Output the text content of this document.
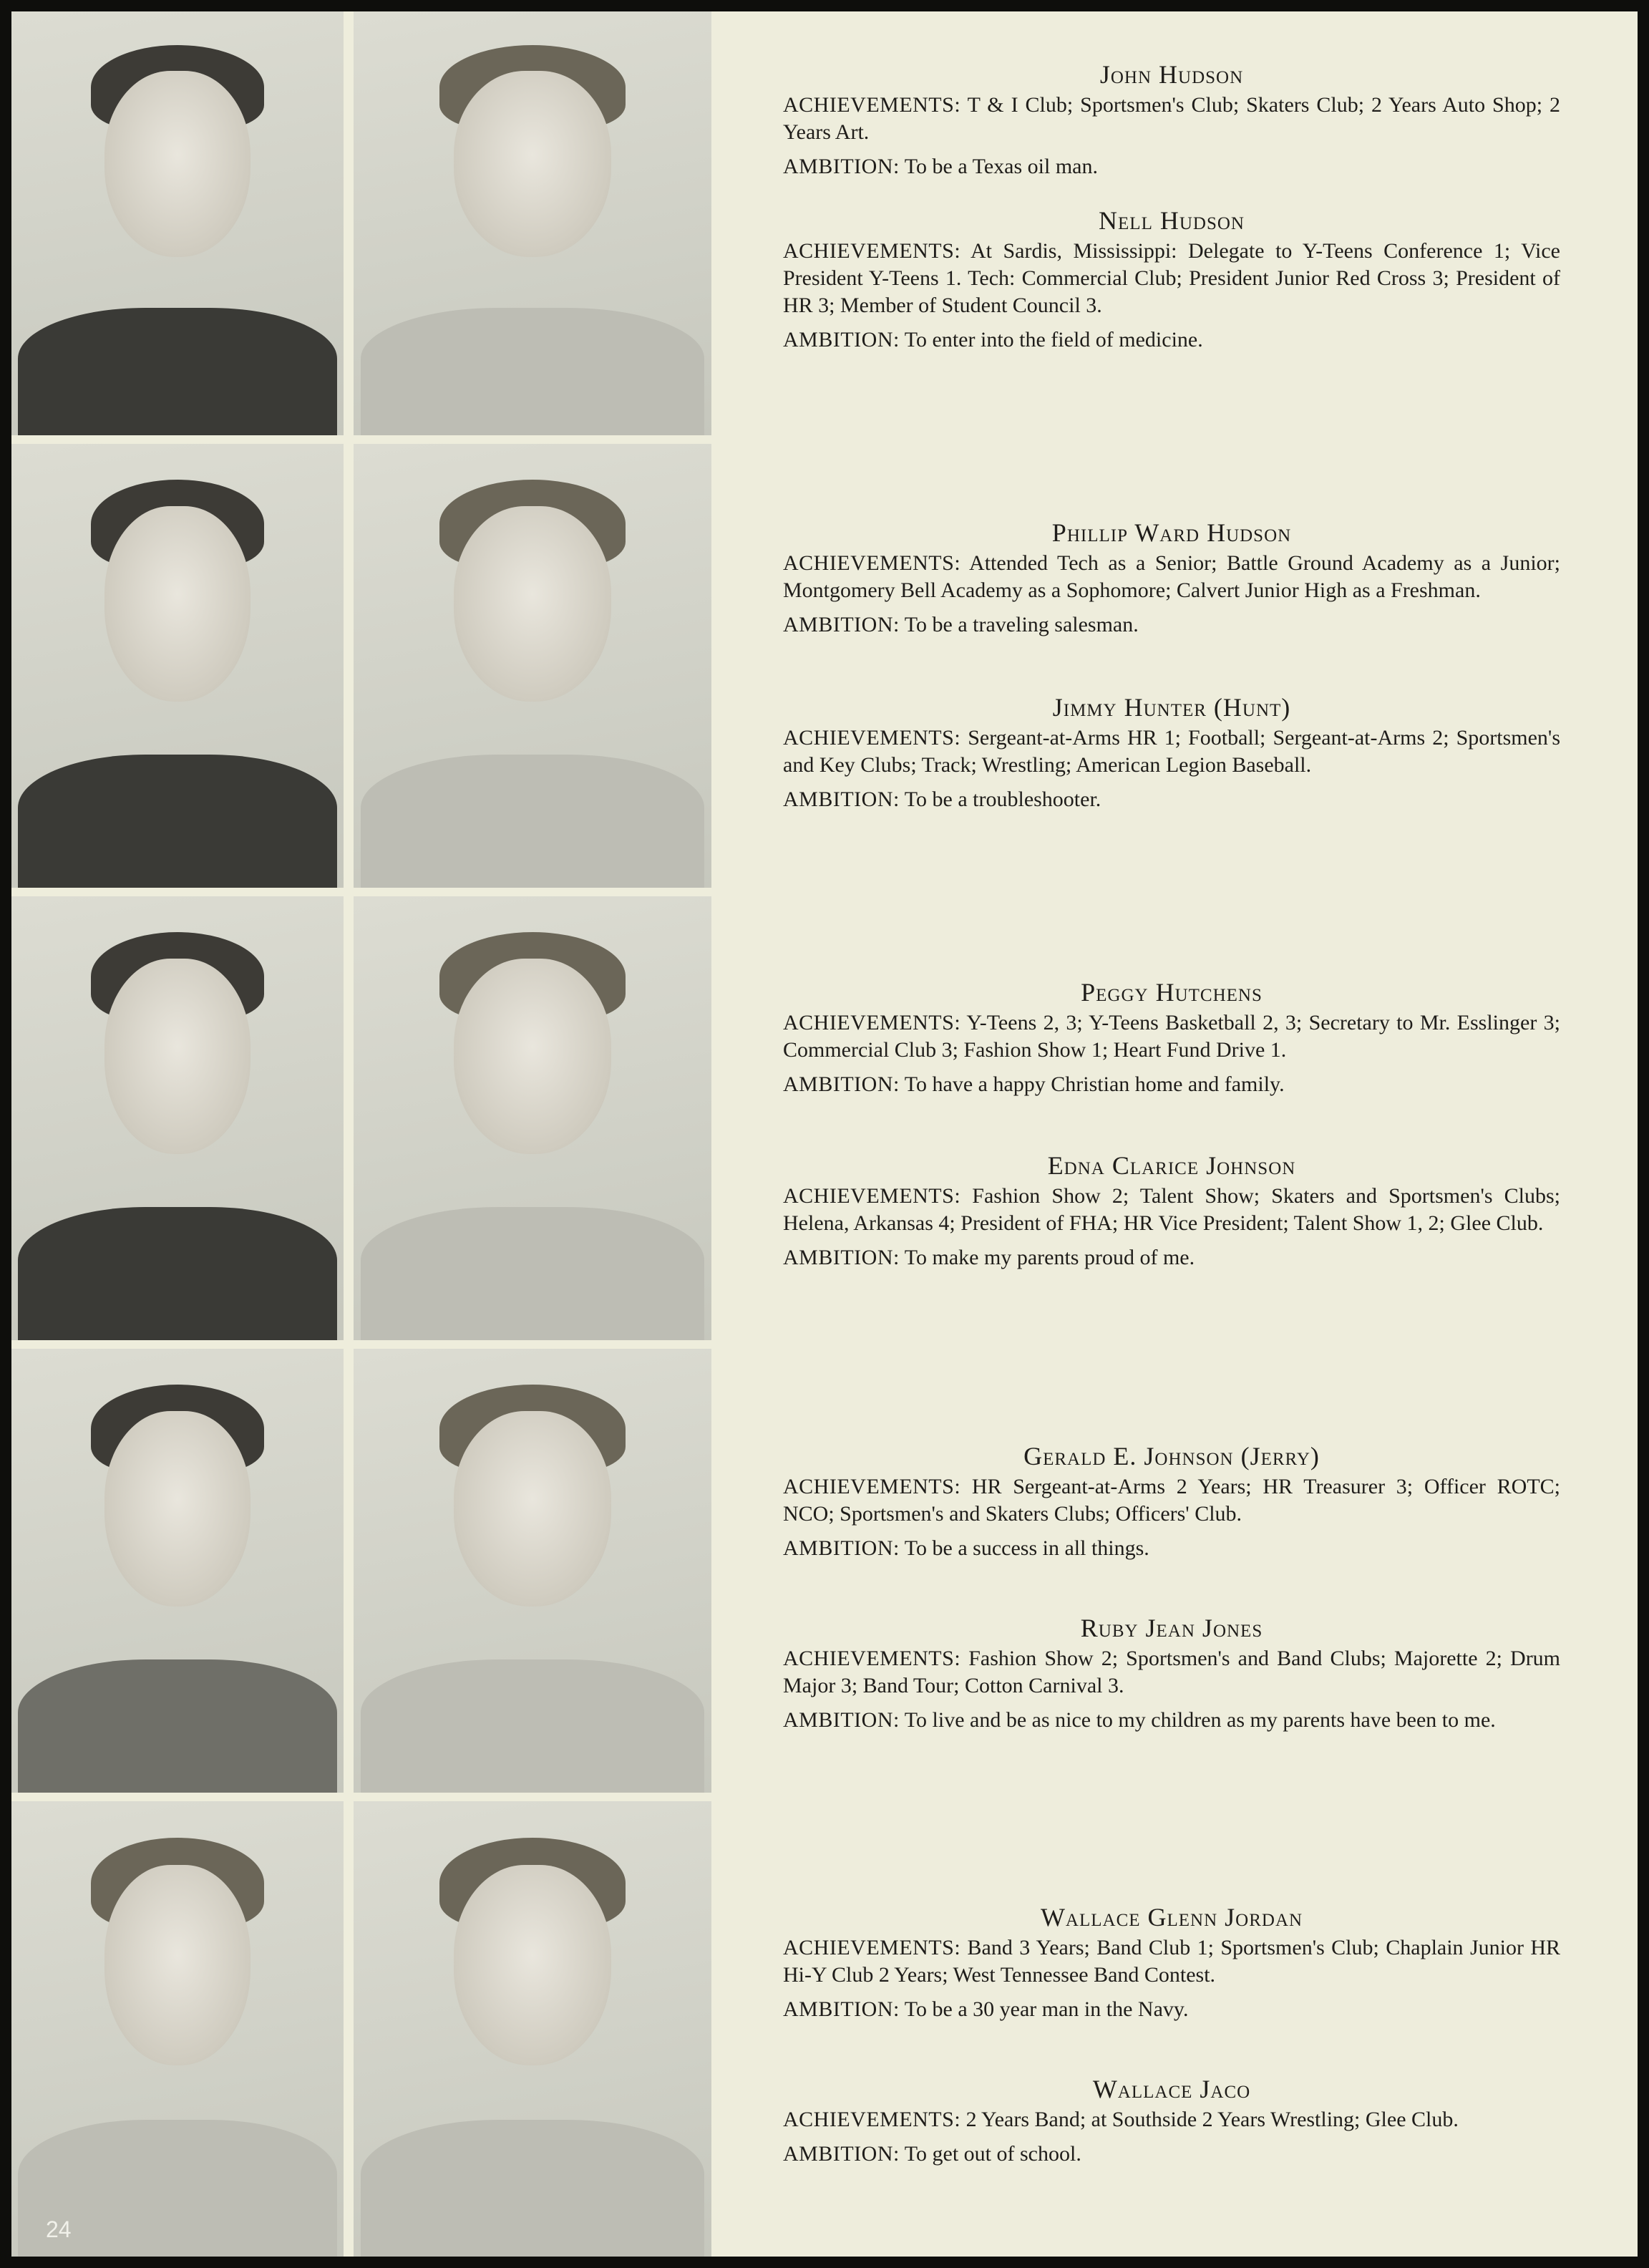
John Hudson

ACHIEVEMENTS: T & I Club; Sportsmen's Club; Skaters Club; 2 Years Auto Shop; 2 Years Art.

AMBITION: To be a Texas oil man.

Nell Hudson

ACHIEVEMENTS: At Sardis, Mississippi: Delegate to Y-Teens Conference 1; Vice President Y-Teens 1. Tech: Commercial Club; President Junior Red Cross 3; President of HR 3; Member of Student Council 3.

AMBITION: To enter into the field of medicine.

Phillip Ward Hudson

ACHIEVEMENTS: Attended Tech as a Senior; Battle Ground Academy as a Junior; Montgomery Bell Academy as a Sophomore; Calvert Junior High as a Freshman.

AMBITION: To be a traveling salesman.

Jimmy Hunter (Hunt)

ACHIEVEMENTS: Sergeant-at-Arms HR 1; Football; Sergeant-at-Arms 2; Sportsmen's and Key Clubs; Track; Wrestling; American Legion Baseball.

AMBITION: To be a troubleshooter.

Peggy Hutchens

ACHIEVEMENTS: Y-Teens 2, 3; Y-Teens Basketball 2, 3; Secretary to Mr. Esslinger 3; Commercial Club 3; Fashion Show 1; Heart Fund Drive 1.

AMBITION: To have a happy Christian home and family.

Edna Clarice Johnson

ACHIEVEMENTS: Fashion Show 2; Talent Show; Skaters and Sportsmen's Clubs; Helena, Arkansas 4; President of FHA; HR Vice President; Talent Show 1, 2; Glee Club.

AMBITION: To make my parents proud of me.

Gerald E. Johnson (Jerry)

ACHIEVEMENTS: HR Sergeant-at-Arms 2 Years; HR Treasurer 3; Officer ROTC; NCO; Sportsmen's and Skaters Clubs; Officers' Club.

AMBITION: To be a success in all things.

Ruby Jean Jones

ACHIEVEMENTS: Fashion Show 2; Sportsmen's and Band Clubs; Majorette 2; Drum Major 3; Band Tour; Cotton Carnival 3.

AMBITION: To live and be as nice to my children as my parents have been to me.

Wallace Glenn Jordan

ACHIEVEMENTS: Band 3 Years; Band Club 1; Sportsmen's Club; Chaplain Junior HR Hi-Y Club 2 Years; West Tennessee Band Contest.

AMBITION: To be a 30 year man in the Navy.

Wallace Jaco

ACHIEVEMENTS: 2 Years Band; at Southside 2 Years Wrestling; Glee Club.

AMBITION: To get out of school.

24
